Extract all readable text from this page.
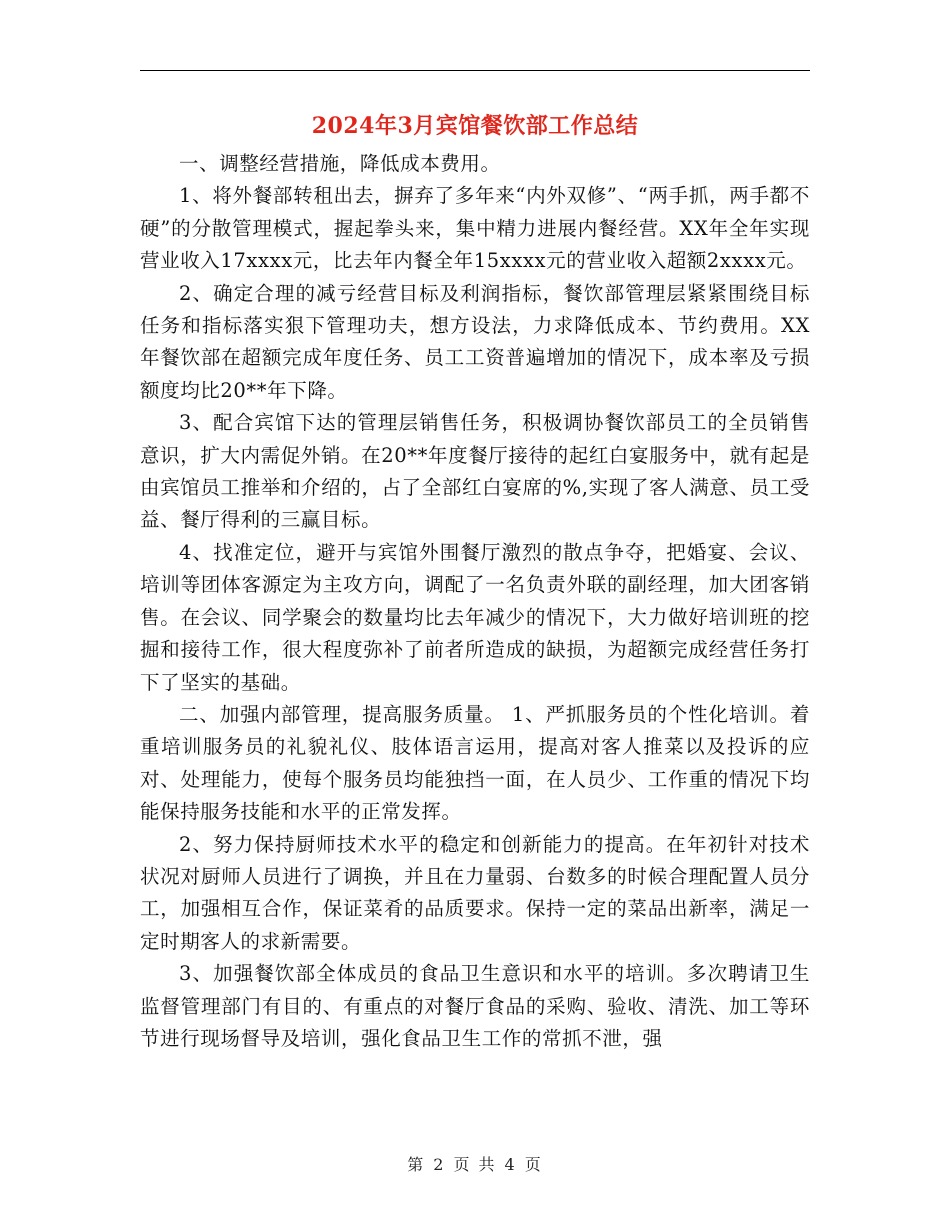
2024年3月宾馆餐饮部工作总结

一、调整经营措施，降低成本费用。

1、将外餐部转租出去，摒弃了多年来“内外双修”、“两手抓，两手都不硬”的分散管理模式，握起拳头来，集中精力进展内餐经营。XX年全年实现营业收入17xxxx元，比去年内餐全年15xxxx元的营业收入超额2xxxx元。

2、确定合理的减亏经营目标及利润指标，餐饮部管理层紧紧围绕目标任务和指标落实狠下管理功夫，想方设法，力求降低成本、节约费用。XX年餐饮部在超额完成年度任务、员工工资普遍增加的情况下，成本率及亏损额度均比20**年下降。

3、配合宾馆下达的管理层销售任务，积极调协餐饮部员工的全员销售意识，扩大内需促外销。在20**年度餐厅接待的起红白宴服务中，就有起是由宾馆员工推举和介绍的，占了全部红白宴席的%,实现了客人满意、员工受益、餐厅得利的三赢目标。

4、找准定位，避开与宾馆外围餐厅激烈的散点争夺，把婚宴、会议、培训等团体客源定为主攻方向，调配了一名负责外联的副经理，加大团客销售。在会议、同学聚会的数量均比去年减少的情况下，大力做好培训班的挖掘和接待工作，很大程度弥补了前者所造成的缺损，为超额完成经营任务打下了坚实的基础。

二、加强内部管理，提高服务质量。 1、严抓服务员的个性化培训。着重培训服务员的礼貌礼仪、肢体语言运用，提高对客人推菜以及投诉的应对、处理能力，使每个服务员均能独挡一面，在人员少、工作重的情况下均能保持服务技能和水平的正常发挥。

2、努力保持厨师技术水平的稳定和创新能力的提高。在年初针对技术状况对厨师人员进行了调换，并且在力量弱、台数多的时候合理配置人员分工，加强相互合作，保证菜肴的品质要求。保持一定的菜品出新率，满足一定时期客人的求新需要。

3、加强餐饮部全体成员的食品卫生意识和水平的培训。多次聘请卫生监督管理部门有目的、有重点的对餐厅食品的采购、验收、清洗、加工等环节进行现场督导及培训，强化食品卫生工作的常抓不泄，强

第 2 页 共 4 页
